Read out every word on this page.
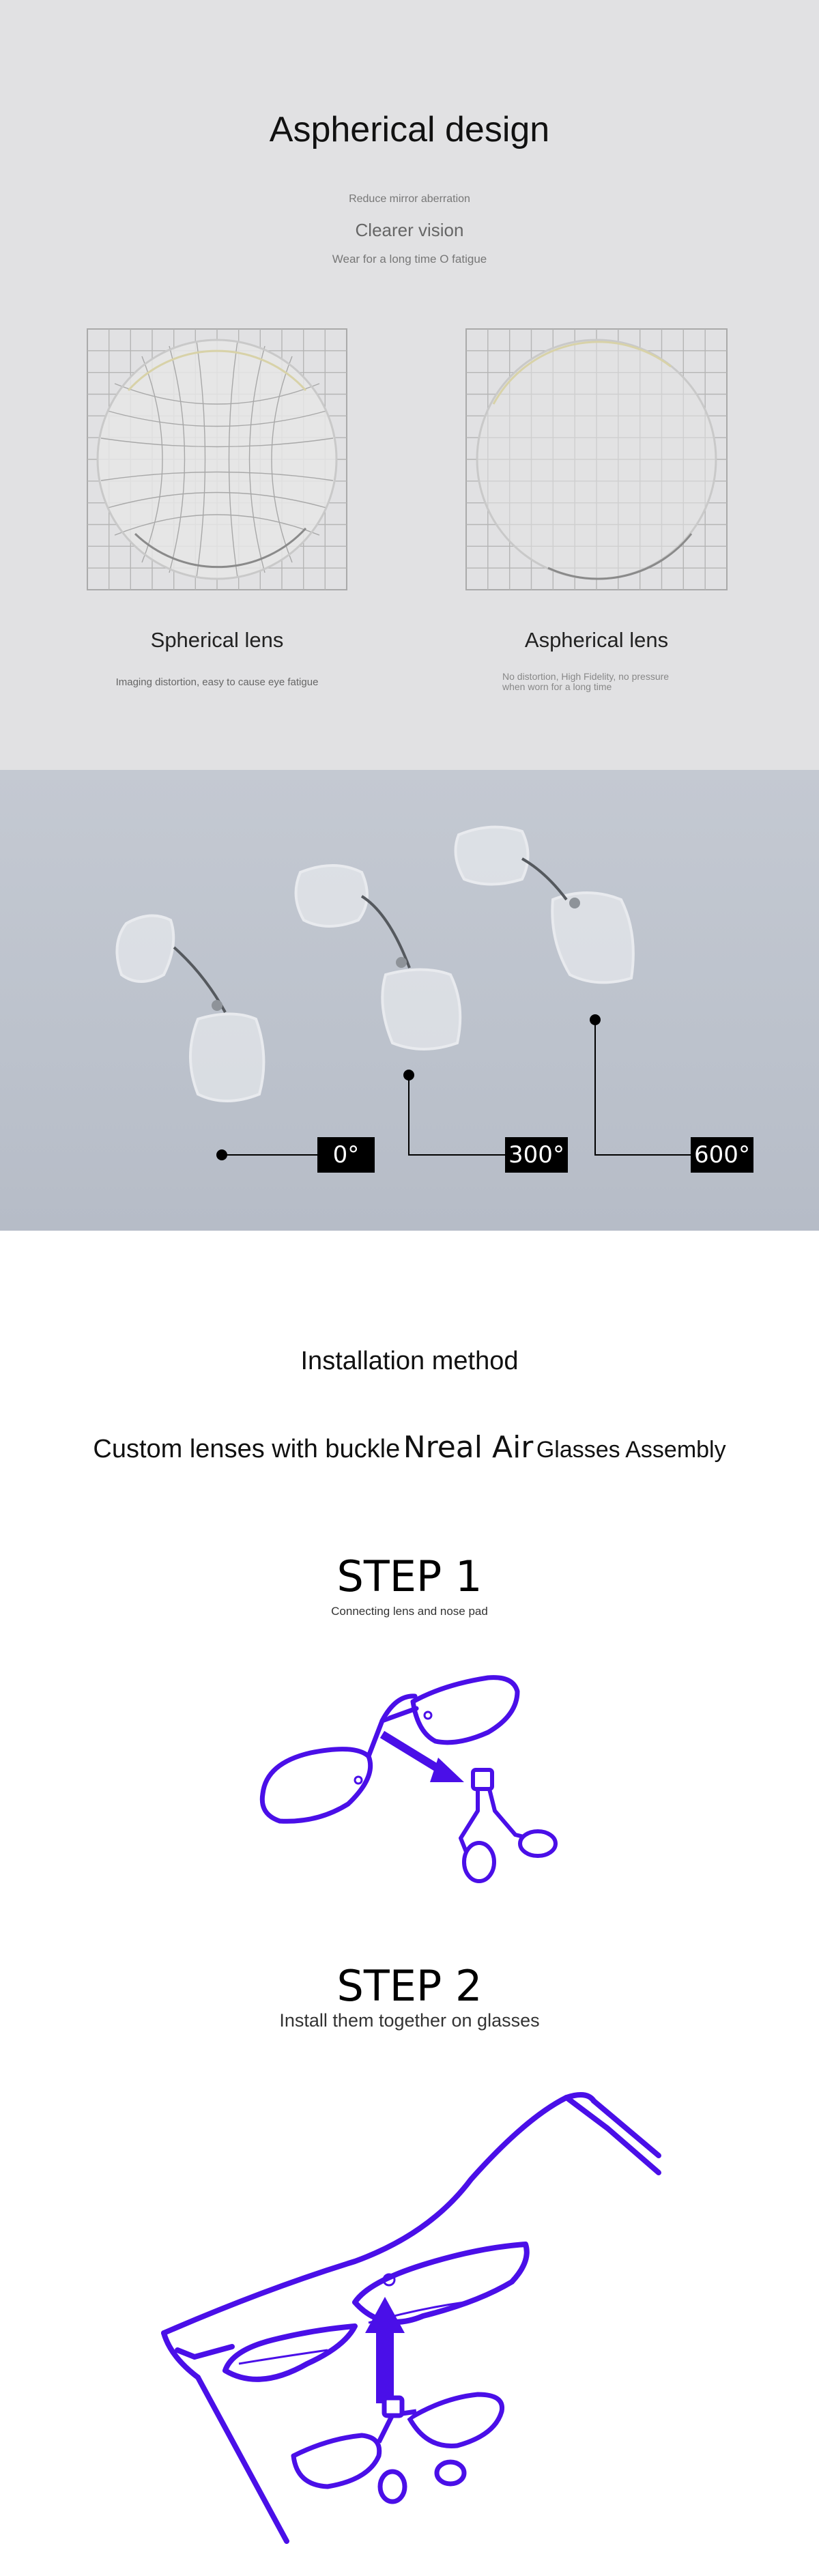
Aspherical design
Reduce mirror aberration
Clearer vision
Wear for a long time O fatigue
Spherical lens
Imaging distortion, easy to cause eye fatigue
Aspherical lens
No distortion, High Fidelity, no pressure
when worn for a long time
0°	300°	600°
Installation method
Custom lenses with buckle Nreal Air Glasses Assembly
STEP 1
Connecting lens and nose pad
STEP 2
Install them together on glasses
